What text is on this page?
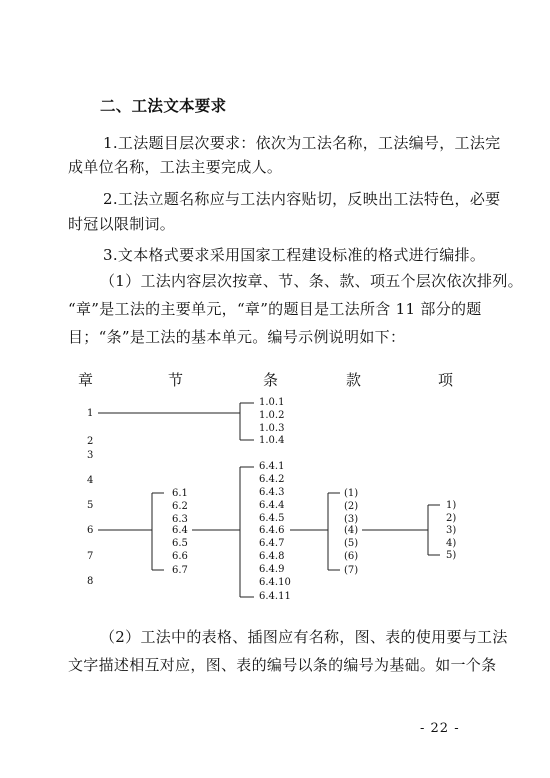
二、工法文本要求
1.工法题目层次要求：依次为工法名称，工法编号，工法完
成单位名称，工法主要完成人。
2.工法立题名称应与工法内容贴切，反映出工法特色，必要
时冠以限制词。
3.文本格式要求采用国家工程建设标准的格式进行编排。
（1）工法内容层次按章、节、条、款、项五个层次依次排列。
“章”是工法的主要单元，“章”的题目是工法所含 11 部分的题
目；“条”是工法的基本单元。编号示例说明如下：
章	节	条	款	项
1
2
3
4
5
6
7
8
1.0.1
1.0.2
1.0.3
1.0.4
6.1
6.2
6.3
6.4
6.5
6.6
6.7
6.4.1
6.4.2
6.4.3
6.4.4
6.4.5
6.4.6
6.4.7
6.4.8
6.4.9
6.4.10
6.4.11
(1)
(2)
(3)
(4)
(5)
(6)
(7)
1)
2)
3)
4)
5)
（2）工法中的表格、插图应有名称，图、表的使用要与工法
文字描述相互对应，图、表的编号以条的编号为基础。如一个条
- 22 -
